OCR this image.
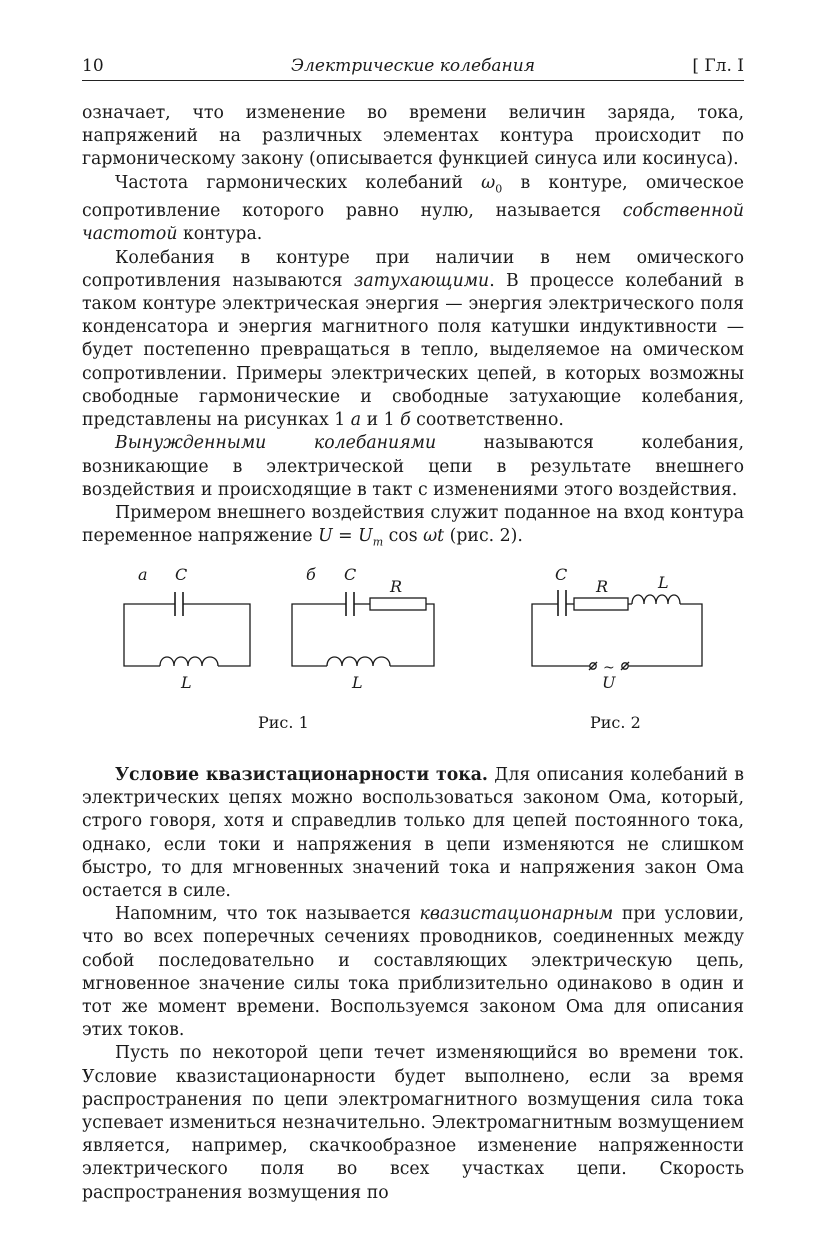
10	Электрические колебания	[ Гл. I

означает, что изменение во времени величин заряда, тока, напряжений на различных элементах контура происходит по гармоническому закону (описывается функцией синуса или косинуса).

Частота гармонических колебаний $\omega_0$ в контуре, омическое сопротивление которого равно нулю, называется собственной частотой контура.

Колебания в контуре при наличии в нем омического сопротивления называются затухающими. В процессе колебаний в таком контуре электрическая энергия — энергия электрического поля конденсатора и энергия магнитного поля катушки индуктивности — будет постепенно превращаться в тепло, выделяемое на омическом сопротивлении. Примеры электрических цепей, в которых возможны свободные гармонические и свободные затухающие колебания, представлены на рисунках 1 а и 1 б соответственно.

Вынужденными колебаниями называются колебания, возникающие в электрической цепи в результате внешнего воздействия и происходящие в такт с изменениями этого воздействия.

Примером внешнего воздействия служит поданное на вход контура переменное напряжение $U = U_m$ cos ωt (рис. 2).

а C
L
б C
R
L
C
R	L
~
U
Рис. 1	Рис. 2

Условие квазистационарности тока. Для описания колебаний в электрических цепях можно воспользоваться законом Ома, который, строго говоря, хотя и справедлив только для цепей постоянного тока, однако, если токи и напряжения в цепи изменяются не слишком быстро, то для мгновенных значений тока и напряжения закон Ома остается в силе.

Напомним, что ток называется квазистационарным при условии, что во всех поперечных сечениях проводников, соединенных между собой последовательно и составляющих электрическую цепь, мгновенное значение силы тока приблизительно одинаково в один и тот же момент времени. Воспользуемся законом Ома для описания этих токов.

Пусть по некоторой цепи течет изменяющийся во времени ток. Условие квазистационарности будет выполнено, если за время распространения по цепи электромагнитного возмущения сила тока успевает измениться незначительно. Электромагнитным возмущением является, например, скачкообразное изменение напряженности электрического поля во всех участках цепи. Скорость распространения возмущения по
